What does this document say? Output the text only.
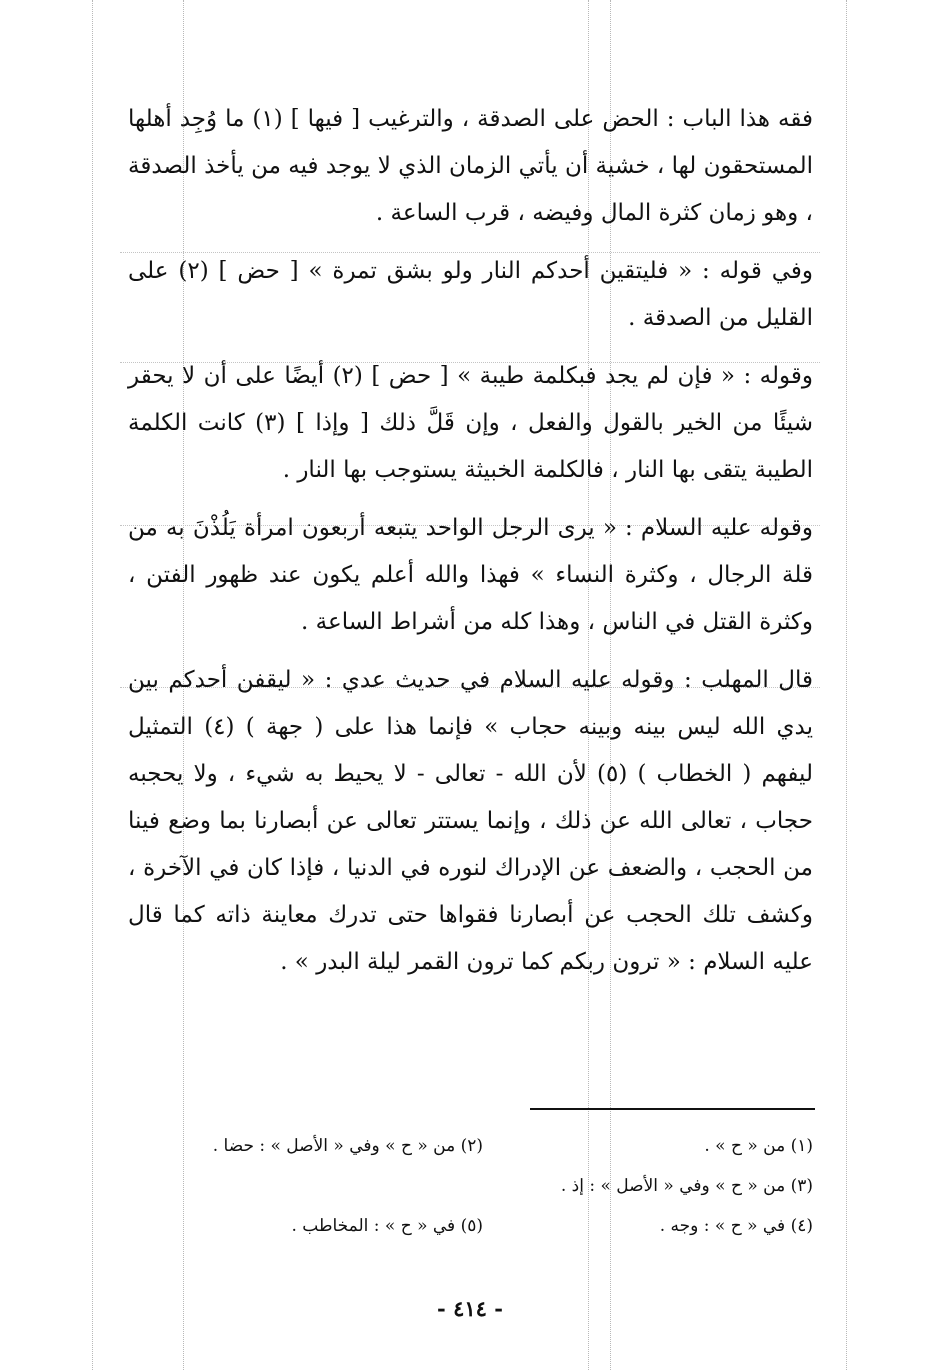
فقه هذا الباب : الحض على الصدقة ، والترغيب [ فيها ] (١) ما وُجِد أهلها المستحقون لها ، خشية أن يأتي الزمان الذي لا يوجد فيه من يأخذ الصدقة ، وهو زمان كثرة المال وفيضه ، قرب الساعة .

وفي قوله : « فليتقين أحدكم النار ولو بشق تمرة » [ حض ] (٢) على القليل من الصدقة .

وقوله : « فإن لم يجد فبكلمة طيبة » [ حض ] (٢) أيضًا على أن لا يحقر شيئًا من الخير بالقول والفعل ، وإن قَلَّ ذلك [ وإذا ] (٣) كانت الكلمة الطيبة يتقى بها النار ، فالكلمة الخبيثة يستوجب بها النار .

وقوله عليه السلام : « يرى الرجل الواحد يتبعه أربعون امرأة يَلُذْنَ به من قلة الرجال ، وكثرة النساء » فهذا والله أعلم يكون عند ظهور الفتن ، وكثرة القتل في الناس ، وهذا كله من أشراط الساعة .

قال المهلب : وقوله عليه السلام في حديث عدي : « ليقفن أحدكم بين يدي الله ليس بينه وبينه حجاب » فإنما هذا على ( جهة ) (٤) التمثيل ليفهم ( الخطاب ) (٥) لأن الله - تعالى - لا يحيط به شيء ، ولا يحجبه حجاب ، تعالى الله عن ذلك ، وإنما يستتر تعالى عن أبصارنا بما وضع فينا من الحجب ، والضعف عن الإدراك لنوره في الدنيا ، فإذا كان في الآخرة ، وكشف تلك الحجب عن أبصارنا فقواها حتى تدرك معاينة ذاته كما قال عليه السلام : « ترون ربكم كما ترون القمر ليلة البدر » .

(١) من « ح » .
(٢) من « ح » وفي « الأصل » : حضا .
(٣) من « ح » وفي « الأصل » : إذ .
(٤) في « ح » : وجه .
(٥) في « ح » : المخاطب .
- ٤١٤ -
